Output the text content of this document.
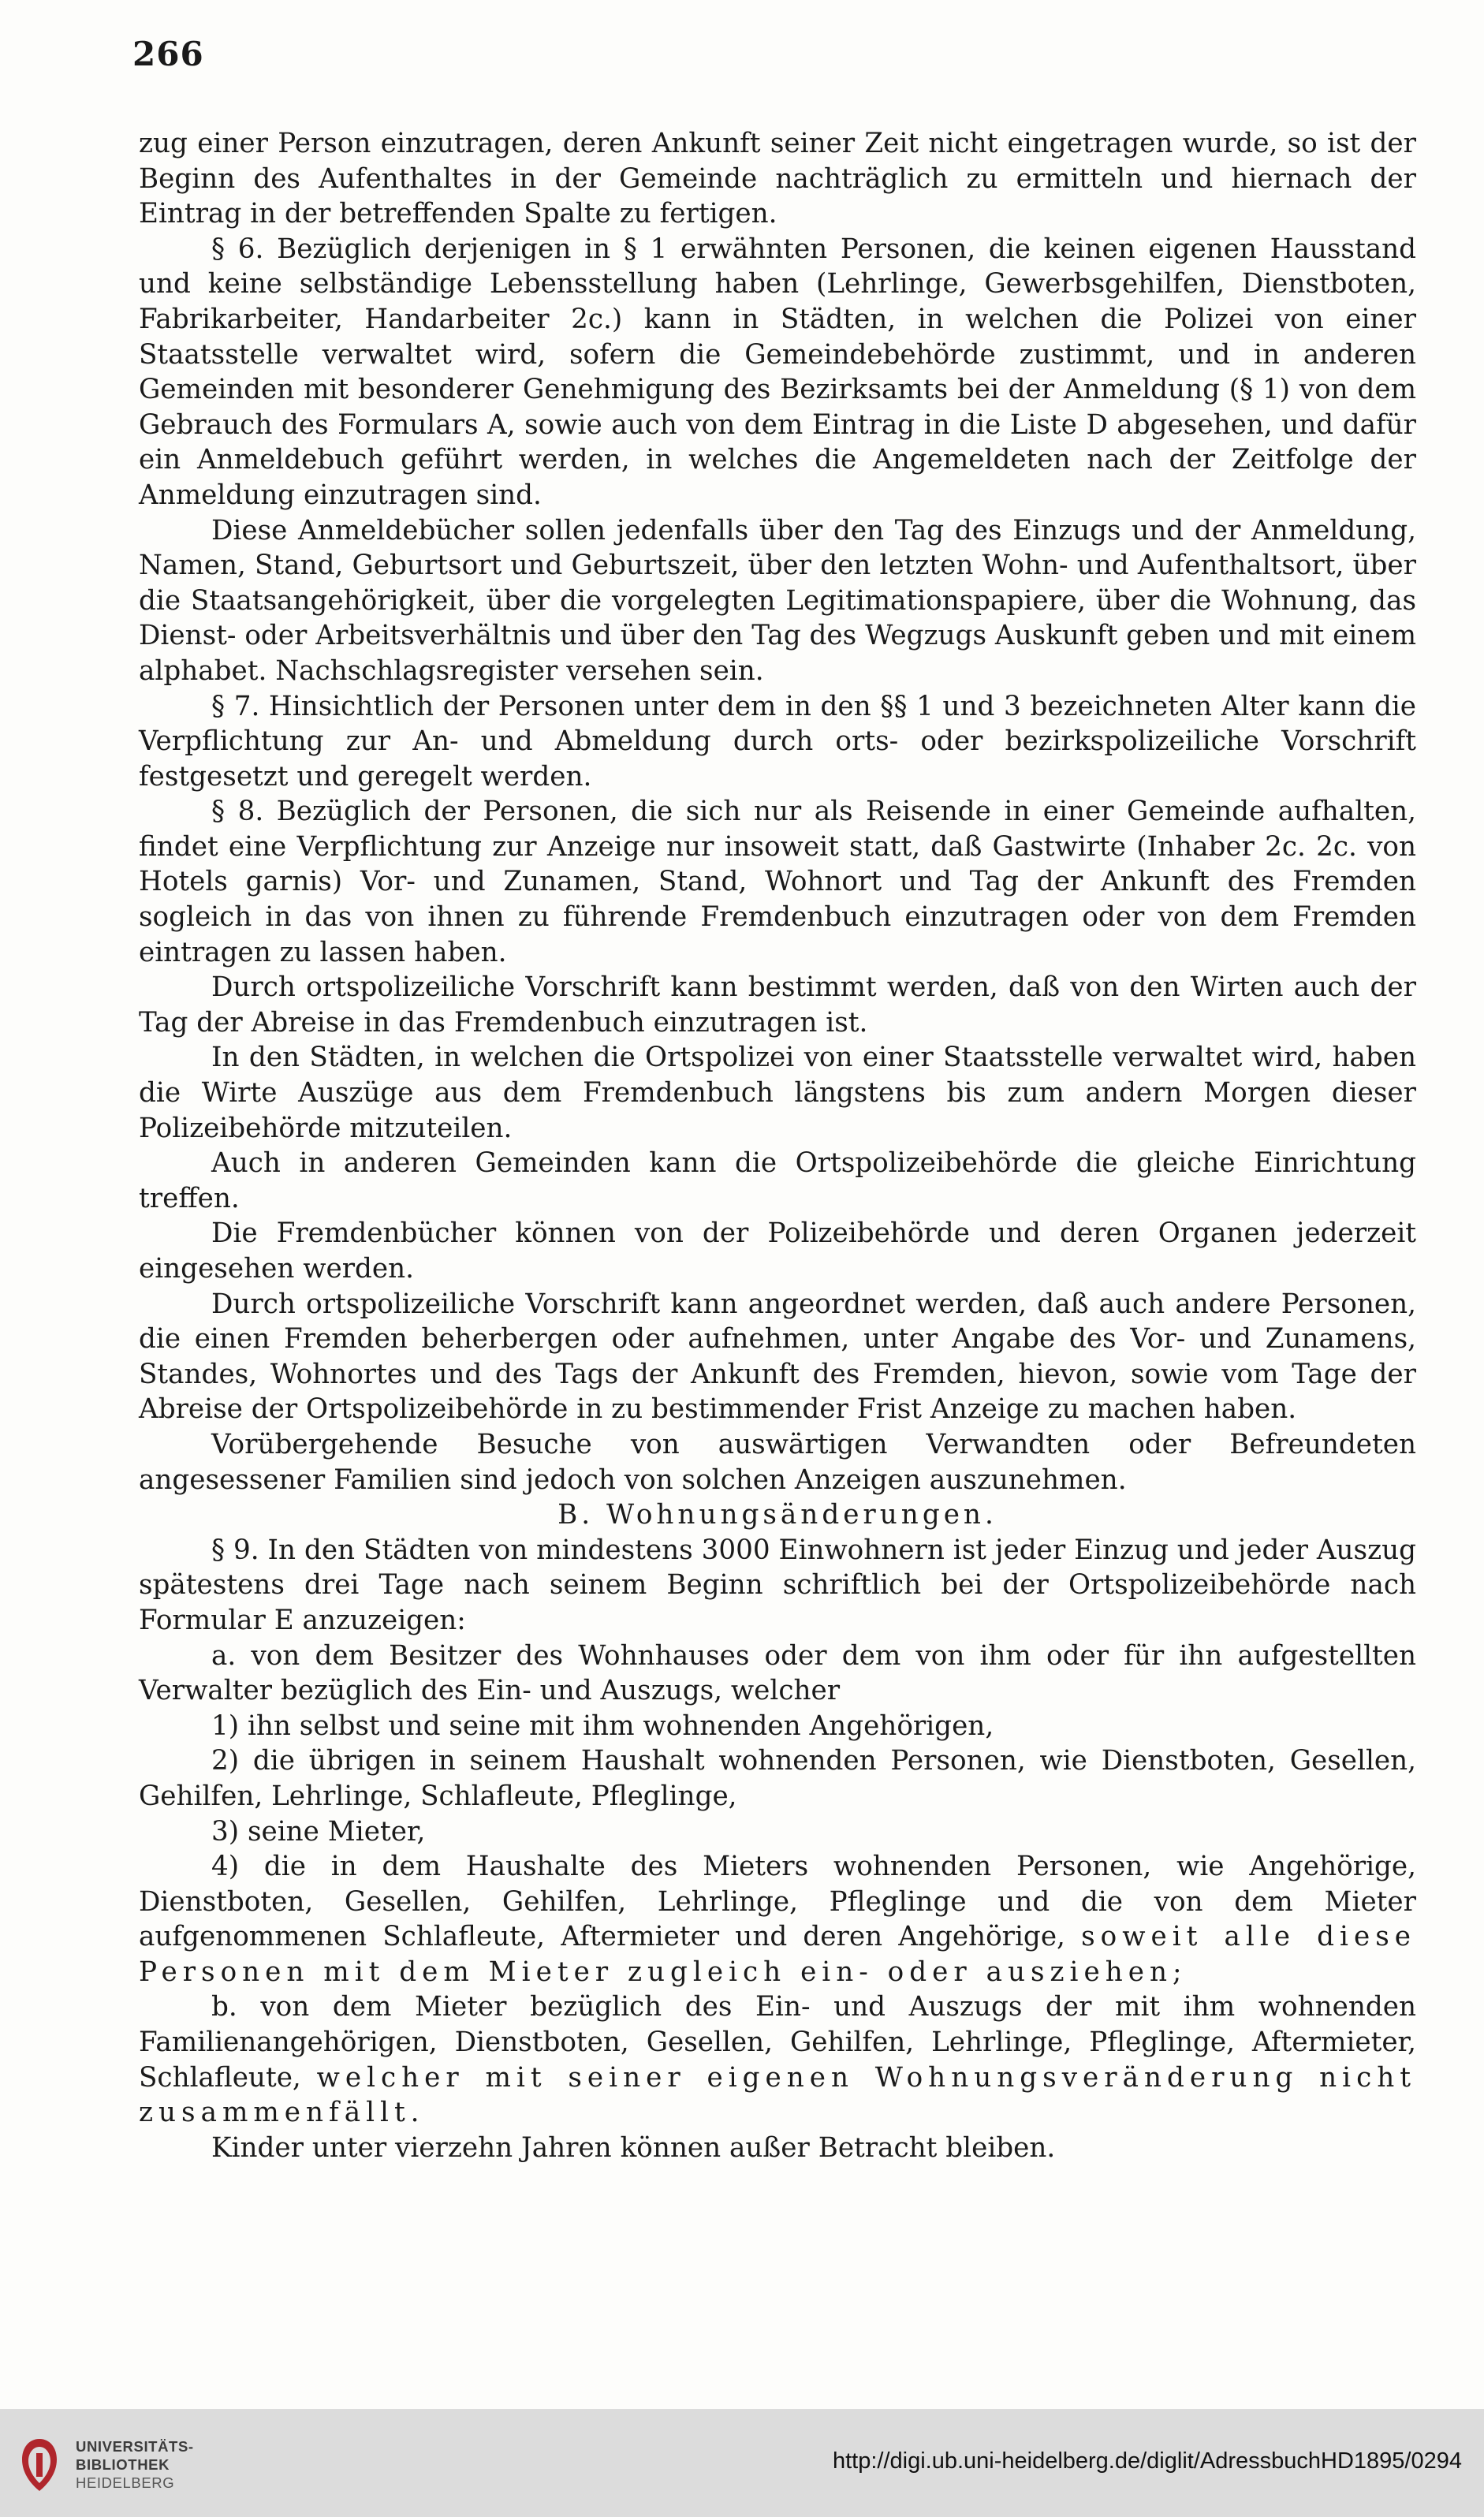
266

zug einer Person einzutragen, deren Ankunft seiner Zeit nicht eingetragen wurde, so ist der Beginn des Aufenthaltes in der Gemeinde nachträglich zu ermitteln und hiernach der Eintrag in der betreffenden Spalte zu fertigen.

§ 6. Bezüglich derjenigen in § 1 erwähnten Personen, die keinen eigenen Hausstand und keine selbständige Lebensstellung haben (Lehrlinge, Gewerbsgehilfen, Dienstboten, Fabrikarbeiter, Handarbeiter 2c.) kann in Städten, in welchen die Polizei von einer Staatsstelle verwaltet wird, sofern die Gemeindebehörde zustimmt, und in anderen Gemeinden mit besonderer Genehmigung des Bezirksamts bei der Anmeldung (§ 1) von dem Gebrauch des Formulars A, sowie auch von dem Eintrag in die Liste D abgesehen, und dafür ein Anmeldebuch geführt werden, in welches die Angemeldeten nach der Zeitfolge der Anmeldung einzutragen sind.

Diese Anmeldebücher sollen jedenfalls über den Tag des Einzugs und der Anmeldung, Namen, Stand, Geburtsort und Geburtszeit, über den letzten Wohn- und Aufenthaltsort, über die Staatsangehörigkeit, über die vorgelegten Legitimationspapiere, über die Wohnung, das Dienst- oder Arbeitsverhältnis und über den Tag des Wegzugs Auskunft geben und mit einem alphabet. Nachschlagsregister versehen sein.

§ 7. Hinsichtlich der Personen unter dem in den §§ 1 und 3 bezeichneten Alter kann die Verpflichtung zur An- und Abmeldung durch orts- oder bezirkspolizeiliche Vorschrift festgesetzt und geregelt werden.

§ 8. Bezüglich der Personen, die sich nur als Reisende in einer Gemeinde aufhalten, findet eine Verpflichtung zur Anzeige nur insoweit statt, daß Gastwirte (Inhaber 2c. 2c. von Hotels garnis) Vor- und Zunamen, Stand, Wohnort und Tag der Ankunft des Fremden sogleich in das von ihnen zu führende Fremdenbuch einzutragen oder von dem Fremden eintragen zu lassen haben.

Durch ortspolizeiliche Vorschrift kann bestimmt werden, daß von den Wirten auch der Tag der Abreise in das Fremdenbuch einzutragen ist.

In den Städten, in welchen die Ortspolizei von einer Staatsstelle verwaltet wird, haben die Wirte Auszüge aus dem Fremdenbuch längstens bis zum andern Morgen dieser Polizeibehörde mitzuteilen.

Auch in anderen Gemeinden kann die Ortspolizeibehörde die gleiche Einrichtung treffen.

Die Fremdenbücher können von der Polizeibehörde und deren Organen jederzeit eingesehen werden.

Durch ortspolizeiliche Vorschrift kann angeordnet werden, daß auch andere Personen, die einen Fremden beherbergen oder aufnehmen, unter Angabe des Vor- und Zunamens, Standes, Wohnortes und des Tags der Ankunft des Fremden, hievon, sowie vom Tage der Abreise der Ortspolizeibehörde in zu bestimmender Frist Anzeige zu machen haben.

Vorübergehende Besuche von auswärtigen Verwandten oder Befreundeten angesessener Familien sind jedoch von solchen Anzeigen auszunehmen.

B. Wohnungsänderungen.

§ 9. In den Städten von mindestens 3000 Einwohnern ist jeder Einzug und jeder Auszug spätestens drei Tage nach seinem Beginn schriftlich bei der Ortspolizeibehörde nach Formular E anzuzeigen:

a. von dem Besitzer des Wohnhauses oder dem von ihm oder für ihn aufgestellten Verwalter bezüglich des Ein- und Auszugs, welcher

1) ihn selbst und seine mit ihm wohnenden Angehörigen,

2) die übrigen in seinem Haushalt wohnenden Personen, wie Dienstboten, Gesellen, Gehilfen, Lehrlinge, Schlafleute, Pfleglinge,

3) seine Mieter,

4) die in dem Haushalte des Mieters wohnenden Personen, wie Angehörige, Dienstboten, Gesellen, Gehilfen, Lehrlinge, Pfleglinge und die von dem Mieter aufgenommenen Schlafleute, Aftermieter und deren Angehörige, soweit alle diese Personen mit dem Mieter zugleich ein- oder ausziehen;

b. von dem Mieter bezüglich des Ein- und Auszugs der mit ihm wohnenden Familienangehörigen, Dienstboten, Gesellen, Gehilfen, Lehrlinge, Pfleglinge, Aftermieter, Schlafleute, welcher mit seiner eigenen Wohnungsveränderung nicht zusammenfällt.

Kinder unter vierzehn Jahren können außer Betracht bleiben.

UNIVERSITÄTS-
BIBLIOTHEK
HEIDELBERG
http://digi.ub.uni-heidelberg.de/diglit/AdressbuchHD1895/0294
